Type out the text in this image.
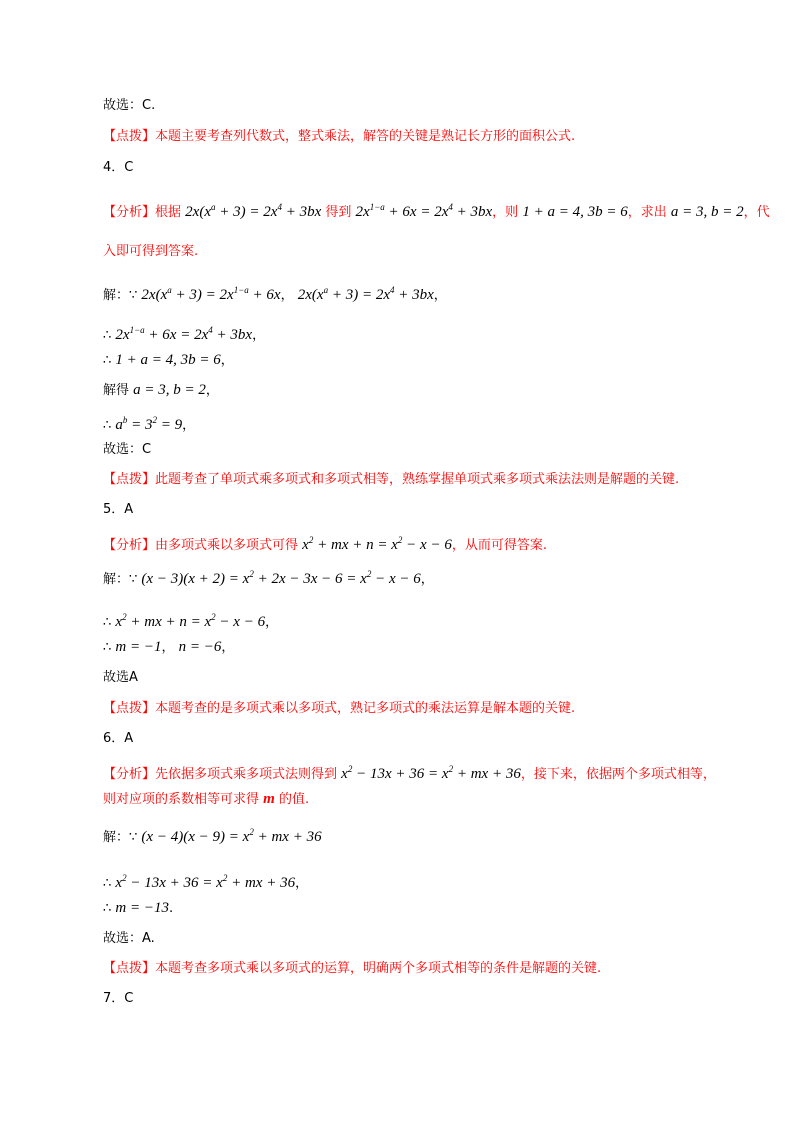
故选：C.
【点拨】本题主要考查列代数式，整式乘法，解答的关键是熟记长方形的面积公式.
4．C
【分析】根据 $2x(x^a + 3) = 2x^4 + 3bx$ 得到 $2x^{1-a} + 6x = 2x^4 + 3bx$，则 1 + a = 4, 3b = 6，求出 a = 3, b = 2，代
入即可得到答案.
解：∵ $2x(x^a + 3) = 2x^{1-a} + 6x$， $2x(x^a + 3) = 2x^4 + 3bx$，
∴ $2x^{1-a} + 6x = 2x^4 + 3bx$，
∴ 1 + a = 4, 3b = 6，
解得 a = 3, b = 2，
∴ $a^b = 3^2 = 9$，
故选：C
【点拨】此题考查了单项式乘多项式和多项式相等，熟练掌握单项式乘多项式乘法法则是解题的关键.
5．A
【分析】由多项式乘以多项式可得 $x^2$ + mx + $n = x^2 - x - 6$，从而可得答案.
解：∵ $(x - 3)(x + 2) = x^2 + 2x - 3x - 6 = x^2 - x - 6$，
∴ $x^2$ + mx + $n = x^2 - x - 6$，
∴ m = −1， n = −6，
故选A
【点拨】本题考查的是多项式乘以多项式，熟记多项式的乘法运算是解本题的关键.
6．A
【分析】先依据多项式乘多项式法则得到 $x^2 - 13x + 36 = x^2$ + mx + 36，接下来，依据两个多项式相等，
则对应项的系数相等可求得 m 的值.
解：∵ $(x - 4)(x - 9) = x^2$ + mx + 36
∴ $x^2 - 13x + 36 = x^2$ + mx + 36，
∴ m = −13.
故选：A.
【点拨】本题考查多项式乘以多项式的运算，明确两个多项式相等的条件是解题的关键.
7．C
